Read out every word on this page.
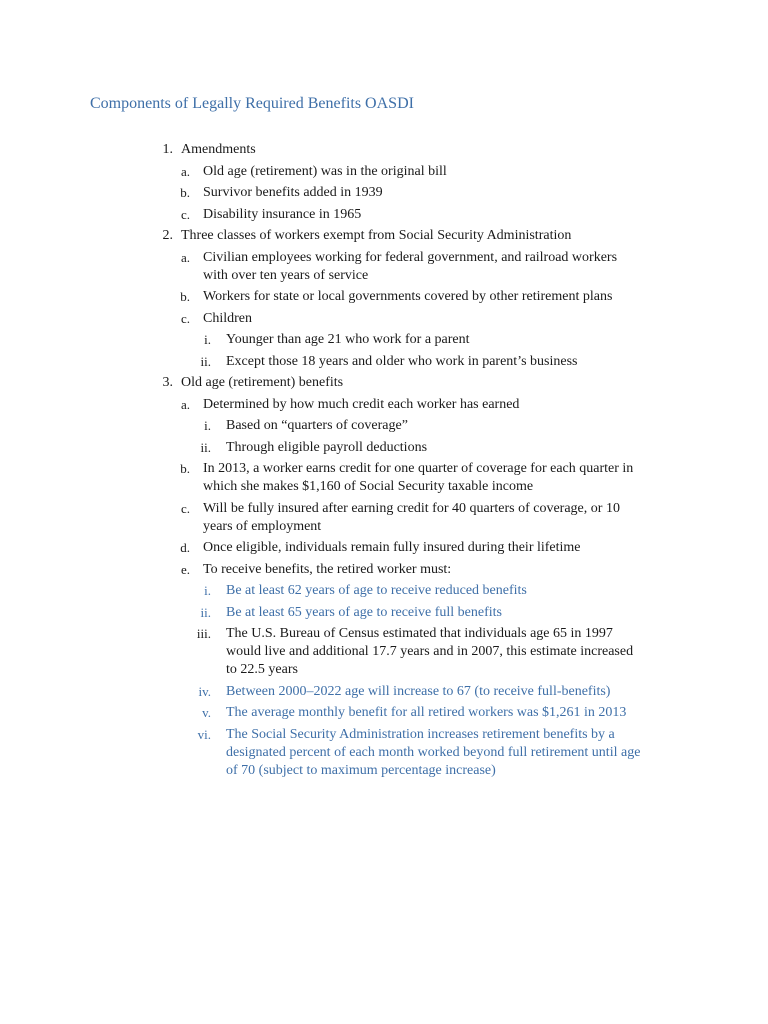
Components of Legally Required Benefits OASDI
1. Amendments
a. Old age (retirement) was in the original bill
b. Survivor benefits added in 1939
c. Disability insurance in 1965
2. Three classes of workers exempt from Social Security Administration
a. Civilian employees working for federal government, and railroad workers
with over ten years of service
b. Workers for state or local governments covered by other retirement plans
c. Children
i. Younger than age 21 who work for a parent
ii. Except those 18 years and older who work in parent’s business
3. Old age (retirement) benefits
a. Determined by how much credit each worker has earned
i. Based on “quarters of coverage”
ii. Through eligible payroll deductions
b. In 2013, a worker earns credit for one quarter of coverage for each quarter in
which she makes $1,160 of Social Security taxable income
c. Will be fully insured after earning credit for 40 quarters of coverage, or 10
years of employment
d. Once eligible, individuals remain fully insured during their lifetime
e. To receive benefits, the retired worker must:
i. Be at least 62 years of age to receive reduced benefits
ii. Be at least 65 years of age to receive full benefits
iii. The U.S. Bureau of Census estimated that individuals age 65 in 1997
would live and additional 17.7 years and in 2007, this estimate increased
to 22.5 years
iv. Between 2000–2022 age will increase to 67 (to receive full-benefits)
v. The average monthly benefit for all retired workers was $1,261 in 2013
vi. The Social Security Administration increases retirement benefits by a
designated percent of each month worked beyond full retirement until age
of 70 (subject to maximum percentage increase)
